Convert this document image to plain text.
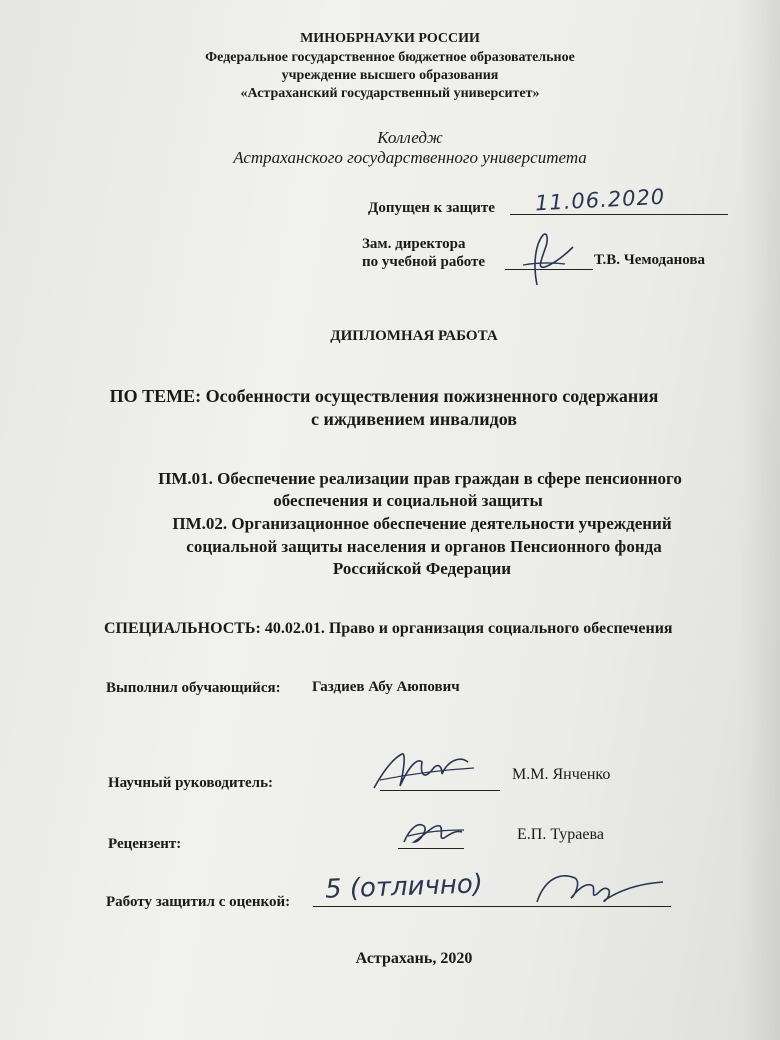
МИНОБРНАУКИ РОССИИ
Федеральное государственное бюджетное образовательное
учреждение высшего образования
«Астраханский государственный университет»
Колледж
Астраханского государственного университета
Допущен к защите 11.06.2020
Зам. директора
по учебной работе	Т.В. Чемоданова
ДИПЛОМНАЯ РАБОТА
ПО ТЕМЕ: Особенности осуществления пожизненного содержания
с иждивением инвалидов
ПМ.01. Обеспечение реализации прав граждан в сфере пенсионного
обеспечения и социальной защиты
ПМ.02. Организационное обеспечение деятельности учреждений
социальной защиты населения и органов Пенсионного фонда
Российской Федерации
СПЕЦИАЛЬНОСТЬ: 40.02.01. Право и организация социального обеспечения
Выполнил обучающийся: Газдиев Абу Аюпович
Научный руководитель:	М.М. Янченко
Рецензент:
Е.П. Тураева
Работу защитил с оценкой: 5 (отлично)
Астрахань, 2020
